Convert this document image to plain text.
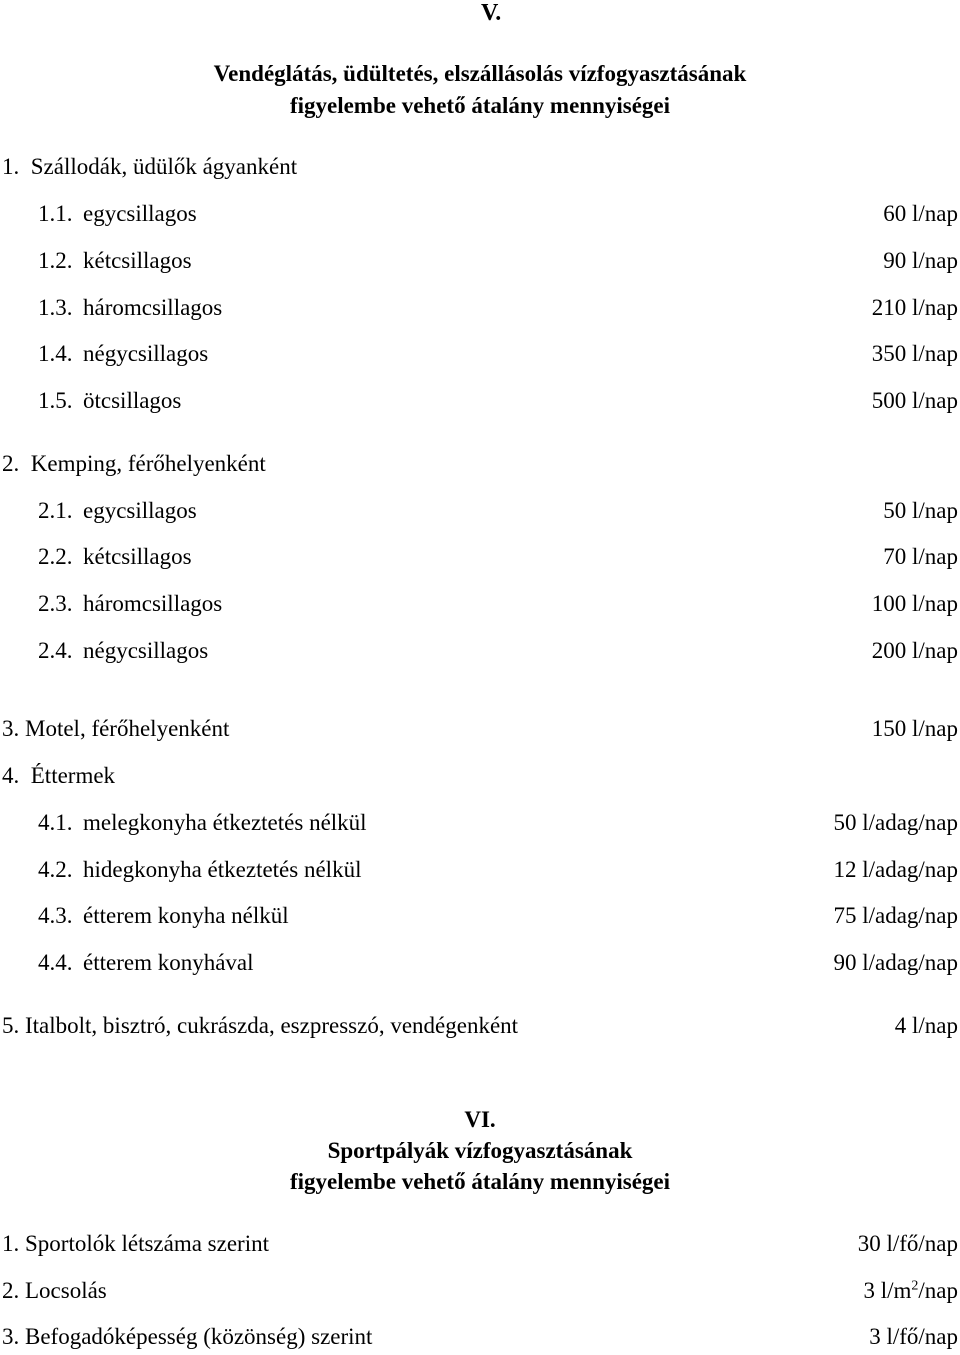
V.
Vendéglátás, üdültetés, elszállásolás vízfogyasztásának
figyelembe vehető átalány mennyiségei
1.  Szállodák, üdülők ágyanként
1.1. egycsillagos	60 l/nap
1.2. kétcsillagos	90 l/nap
1.3. háromcsillagos	210 l/nap
1.4. négycsillagos	350 l/nap
1.5. ötcsillagos	500 l/nap
2.  Kemping, férőhelyenként
2.1. egycsillagos	50 l/nap
2.2. kétcsillagos	70 l/nap
2.3. háromcsillagos	100 l/nap
2.4. négycsillagos	200 l/nap
3. Motel, férőhelyenként	150 l/nap
4.  Éttermek
4.1. melegkonyha étkeztetés nélkül	50 l/adag/nap
4.2. hidegkonyha étkeztetés nélkül	12 l/adag/nap
4.3. étterem konyha nélkül	75 l/adag/nap
4.4. étterem konyhával	90 l/adag/nap
5. Italbolt, bisztró, cukrászda, eszpresszó, vendégenként	4 l/nap
VI.
Sportpályák vízfogyasztásának
figyelembe vehető átalány mennyiségei
1. Sportolók létszáma szerint	30 l/fő/nap
2. Locsolás	3 $l/m^2$/nap
3. Befogadóképesség (közönség) szerint	3 l/fő/nap
